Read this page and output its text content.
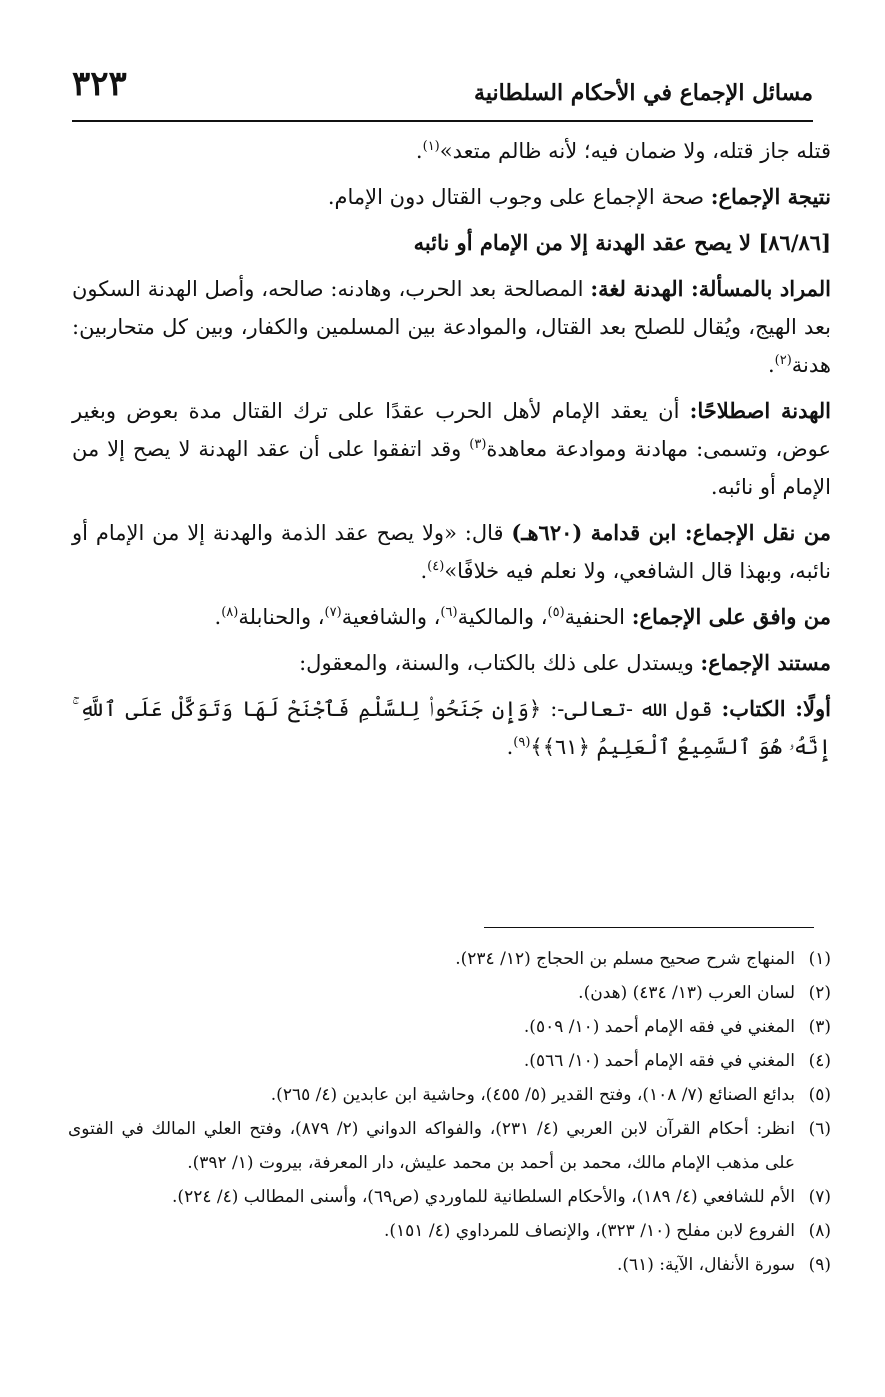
٣٢٣	مسائل الإجماع في الأحكام السلطانية

قتله جاز قتله، ولا ضمان فيه؛ لأنه ظالم متعد»$^{(١)}$.

نتيجة الإجماع: صحة الإجماع على وجوب القتال دون الإمام.

[٨٦/٨٦] لا يصح عقد الهدنة إلا من الإمام أو نائبه

المراد بالمسألة: الهدنة لغة: المصالحة بعد الحرب، وهادنه: صالحه، وأصل الهدنة السكون بعد الهيج، ويُقال للصلح بعد القتال، والموادعة بين المسلمين والكفار، وبين كل متحاربين: هدنة$^{(٢)}$.

الهدنة اصطلاحًا: أن يعقد الإمام لأهل الحرب عقدًا على ترك القتال مدة بعوض وبغير عوض، وتسمى: مهادنة وموادعة معاهدة$^{(٣)}$ وقد اتفقوا على أن عقد الهدنة لا يصح إلا من الإمام أو نائبه.

من نقل الإجماع: ابن قدامة (٦٢٠هـ) قال: «ولا يصح عقد الذمة والهدنة إلا من الإمام أو نائبه، وبهذا قال الشافعي، ولا نعلم فيه خلافًا»$^{(٤)}$.

من وافق على الإجماع: الحنفية$^{(٥)}$، والمالكية$^{(٦)}$، والشافعية$^{(٧)}$، والحنابلة$^{(٨)}$.

مستند الإجماع: ويستدل على ذلك بالكتاب، والسنة، والمعقول:

أولًا: الكتاب: قول الله -تعالى-: ﴿وَإِن جَنَحُوا۟ لِلسَّلْمِ فَٱجْنَحْ لَهَا وَتَوَكَّلْ عَلَى ٱللَّهِ ۚ إِنَّهُۥ هُوَ ٱلسَّمِيعُ ٱلْعَلِيمُ ﴿٦١﴾﴾$^{(٩)}$.

(١)
المنهاج شرح صحيح مسلم بن الحجاج (١٢/ ٢٣٤).

(٢)
لسان العرب (١٣/ ٤٣٤) (هدن).

(٣)
المغني في فقه الإمام أحمد (١٠/ ٥٠٩).

(٤)
المغني في فقه الإمام أحمد (١٠/ ٥٦٦).

(٥)
بدائع الصنائع (٧/ ١٠٨)، وفتح القدير (٥/ ٤٥٥)، وحاشية ابن عابدين (٤/ ٢٦٥).

(٦)
انظر: أحكام القرآن لابن العربي (٤/ ٢٣١)، والفواكه الدواني (٢/ ٨٧٩)، وفتح العلي المالك في الفتوى على مذهب الإمام مالك، محمد بن أحمد بن محمد عليش، دار المعرفة، بيروت (١/ ٣٩٢).

(٧)
الأم للشافعي (٤/ ١٨٩)، والأحكام السلطانية للماوردي (ص٦٩)، وأسنى المطالب (٤/ ٢٢٤).

(٨)
الفروع لابن مفلح (١٠/ ٣٢٣)، والإنصاف للمرداوي (٤/ ١٥١).

(٩)
سورة الأنفال، الآية: (٦١).
